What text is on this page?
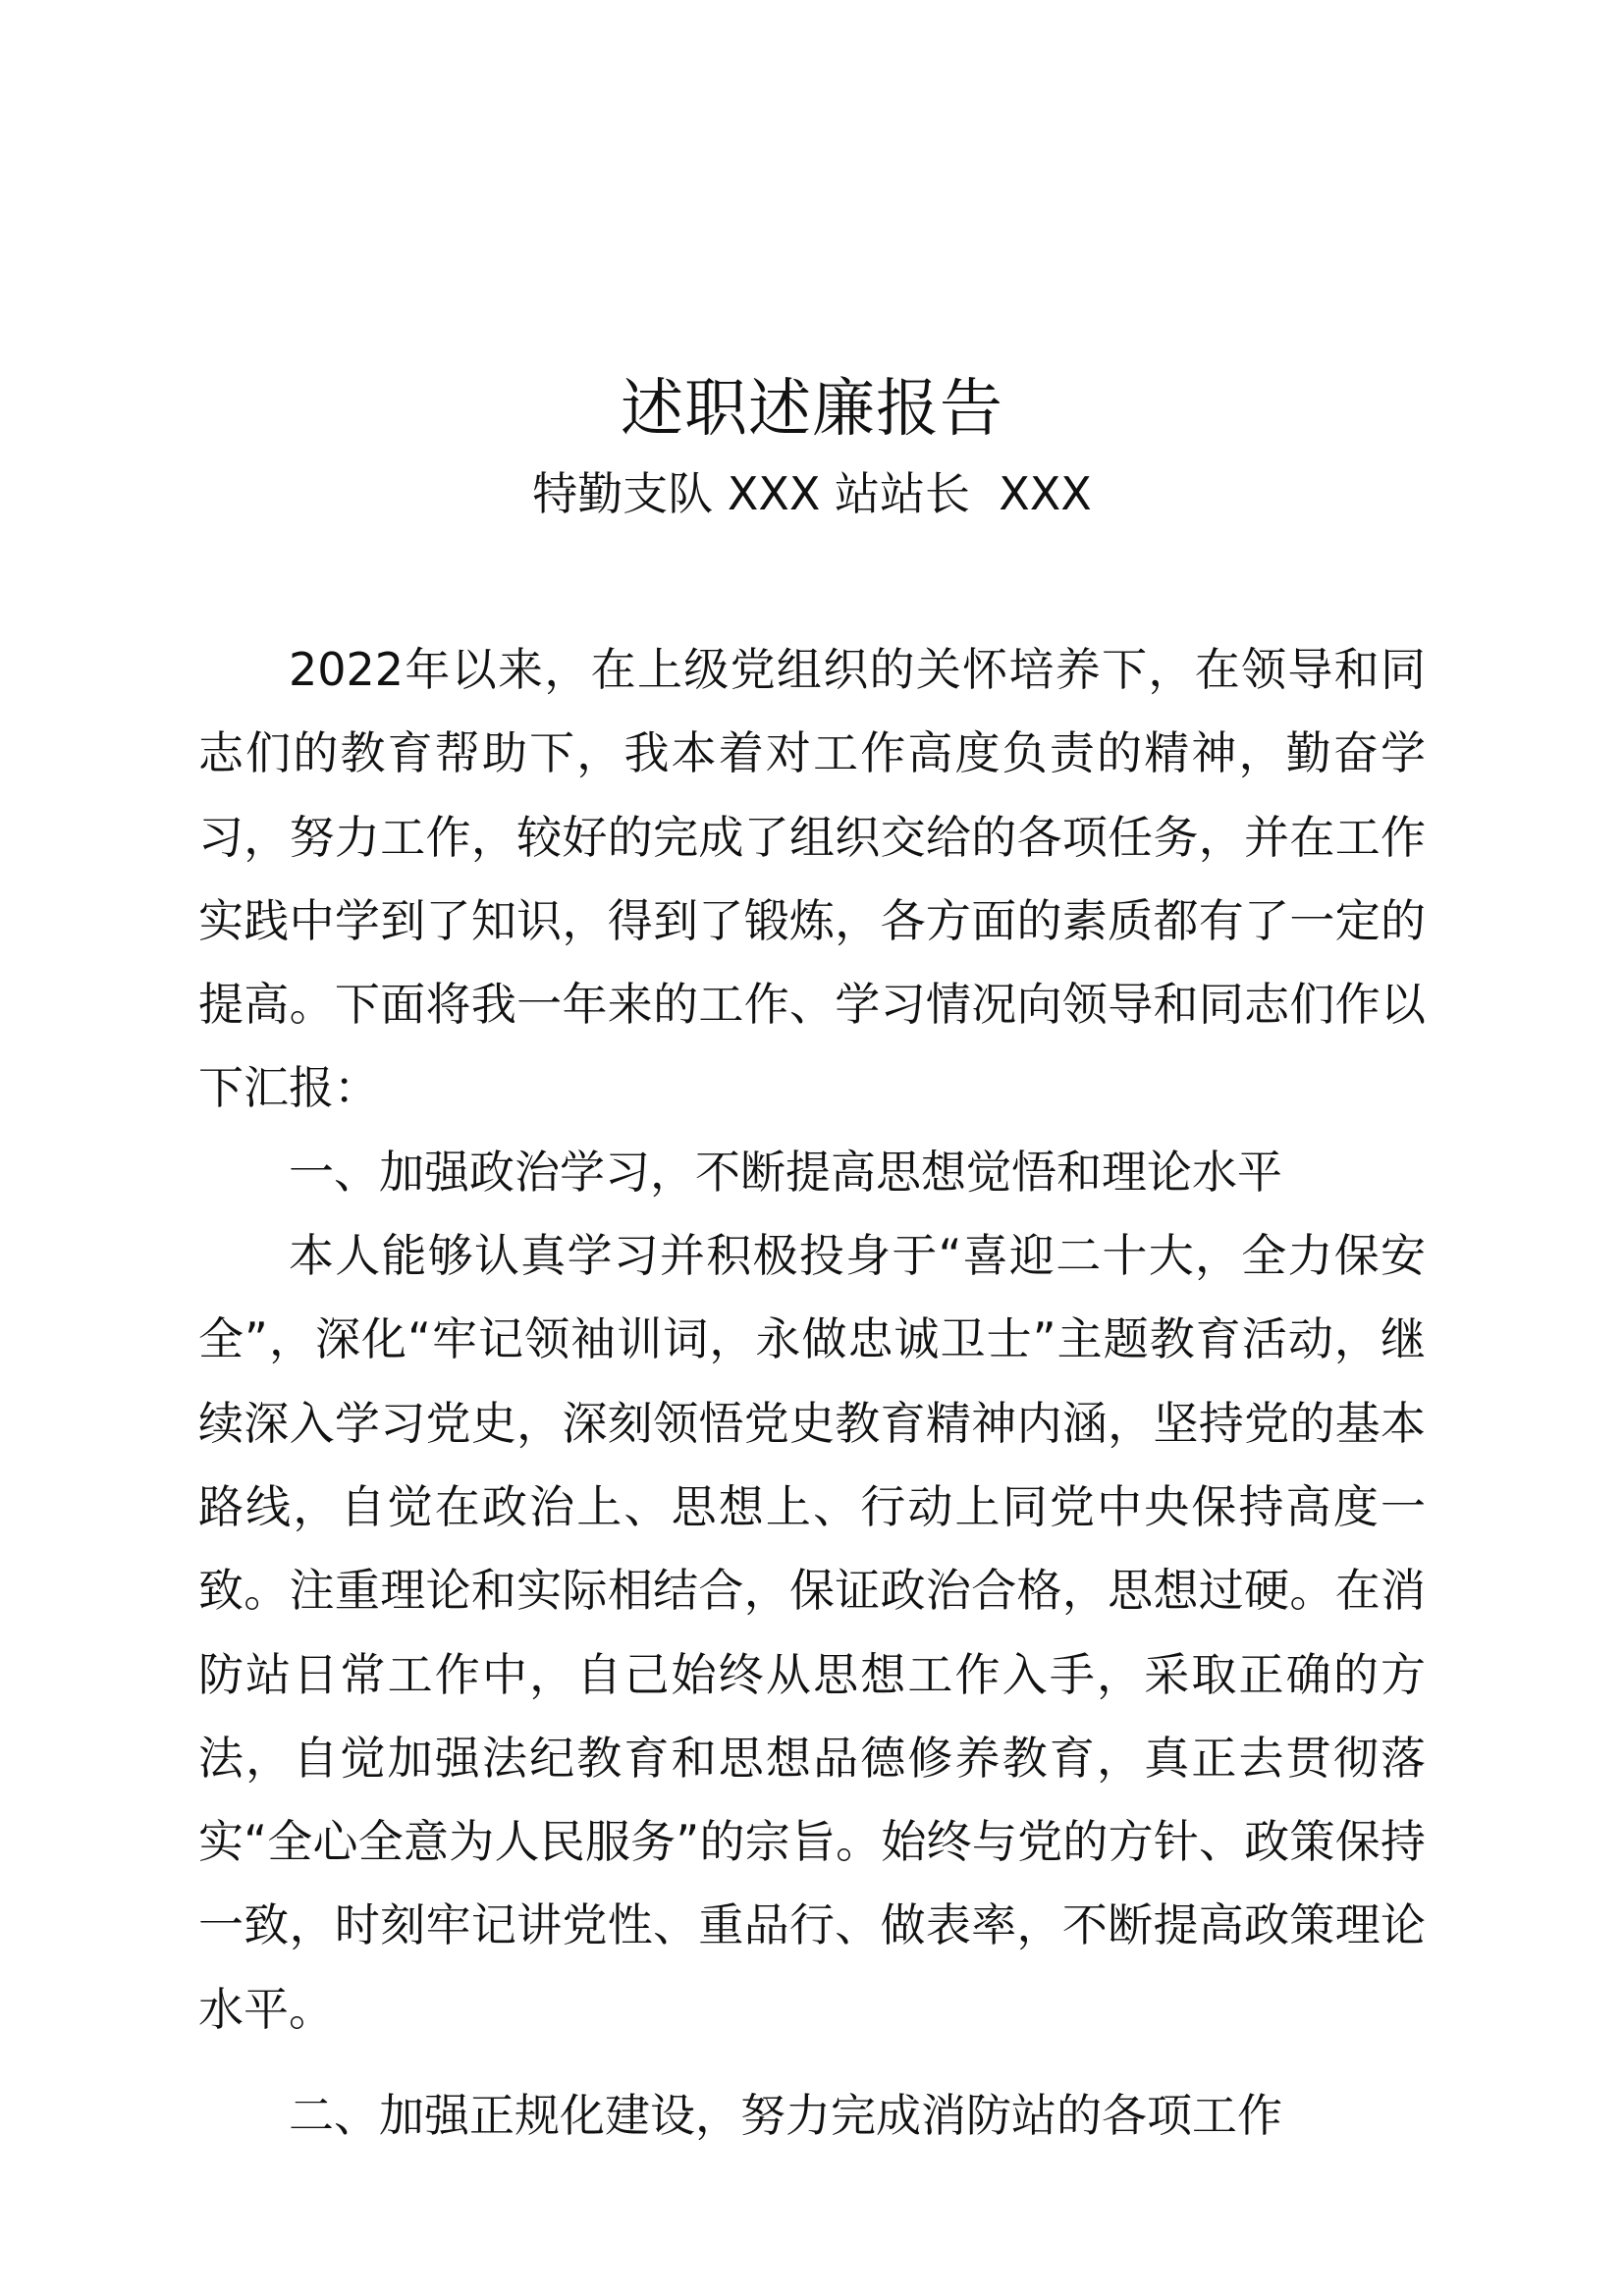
述职述廉报告
特勤支队 XXX 站站长  XXX

2022年以来，在上级党组织的关怀培养下，在领导和同志们的教育帮助下，我本着对工作高度负责的精神，勤奋学习，努力工作，较好的完成了组织交给的各项任务，并在工作实践中学到了知识，得到了锻炼，各方面的素质都有了一定的提高。下面将我一年来的工作、学习情况向领导和同志们作以下汇报：

一、加强政治学习，不断提高思想觉悟和理论水平

本人能够认真学习并积极投身于“喜迎二十大，全力保安全”，深化“牢记领袖训词，永做忠诚卫士”主题教育活动，继续深入学习党史，深刻领悟党史教育精神内涵，坚持党的基本路线，自觉在政治上、思想上、行动上同党中央保持高度一致。注重理论和实际相结合，保证政治合格，思想过硬。在消防站日常工作中，自己始终从思想工作入手，采取正确的方法，自觉加强法纪教育和思想品德修养教育，真正去贯彻落实“全心全意为人民服务”的宗旨。始终与党的方针、政策保持一致，时刻牢记讲党性、重品行、做表率，不断提高政策理论水平。

二、加强正规化建设，努力完成消防站的各项工作
